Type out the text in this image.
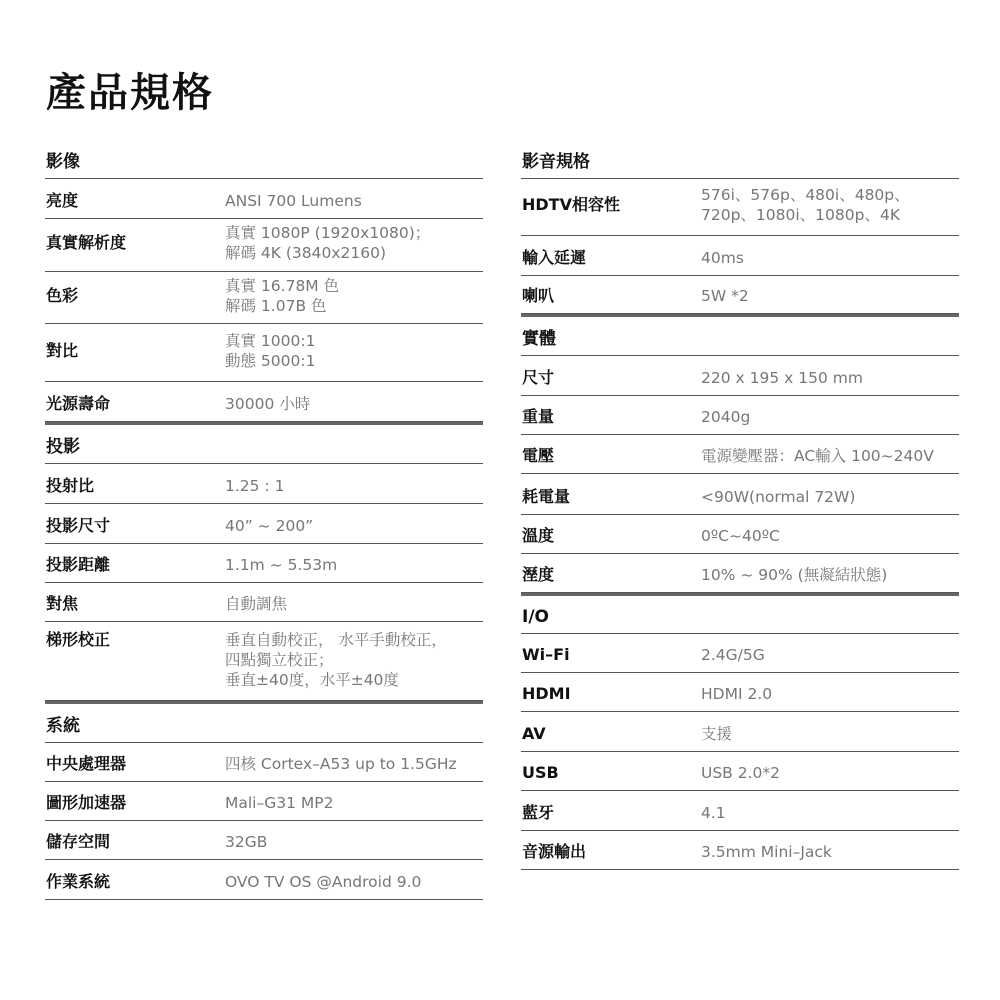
產品規格
影像
亮度	ANSI 700 Lumens
真實解析度	真實 1080P (1920x1080)；
解碼 4K (3840x2160)
色彩	真實 16.78M 色
解碼 1.07B 色
對比	真實 1000:1
動態 5000:1
光源壽命	30000 小時
投影
投射比	1.25 : 1
投影尺寸	40” ~ 200”
投影距離	1.1m ~ 5.53m
對焦	自動調焦
梯形校正	垂直自動校正， 水平手動校正，
四點獨立校正；
垂直±40度，水平±40度
系統
中央處理器	四核 Cortex–A53 up to 1.5GHz
圖形加速器	Mali–G31 MP2
儲存空間	32GB
作業系統	OVO TV OS @Android 9.0
影音規格
HDTV相容性	576i、576p、480i、480p、
720p、1080i、1080p、4K
輸入延遲	40ms
喇叭	5W *2
實體
尺寸	220 x 195 x 150 mm
重量	2040g
電壓	電源變壓器：AC輸入 100~240V
耗電量	<90W(normal 72W)
溫度	0ºC~40ºC
溼度	10% ~ 90% (無凝結狀態)
I/O
Wi–Fi	2.4G/5G
HDMI	HDMI 2.0
AV	支援
USB	USB 2.0*2
藍牙	4.1
音源輸出	3.5mm Mini–Jack
